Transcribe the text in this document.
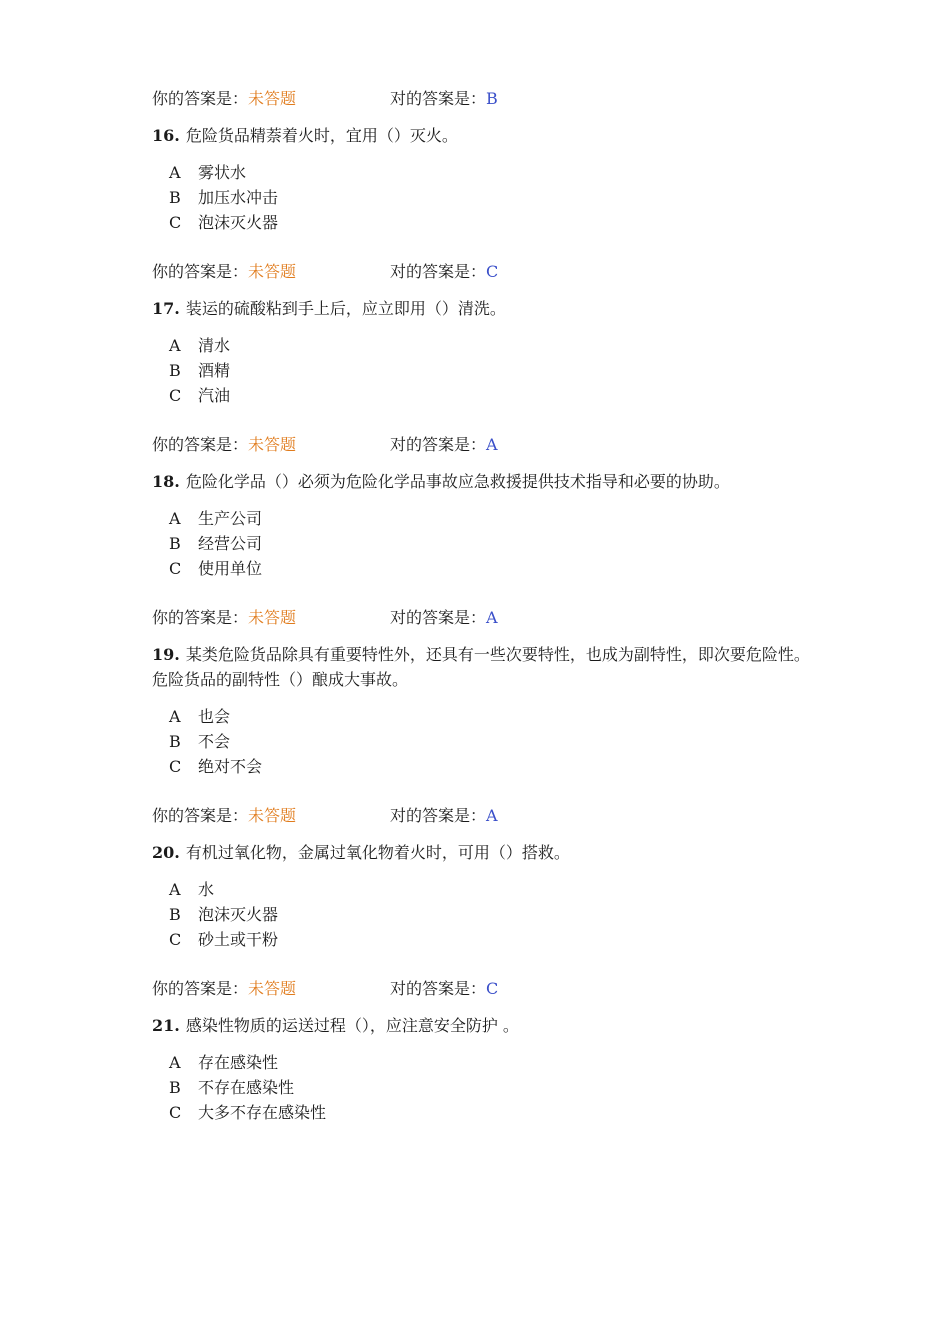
你的答案是：未答题	对的答案是：B
16. 危险货品精萘着火时，宜用（）灭火。
A 雾状水
B 加压水冲击
C 泡沫灭火器
你的答案是：未答题	对的答案是：C
17. 装运的硫酸粘到手上后，应立即用（）清洗。
A 清水
B 酒精
C 汽油
你的答案是：未答题	对的答案是：A
18. 危险化学品（）必须为危险化学品事故应急救援提供技术指导和必要的协助。
A 生产公司
B 经营公司
C 使用单位
你的答案是：未答题	对的答案是：A
19. 某类危险货品除具有重要特性外，还具有一些次要特性，也成为副特性，即次要危险性。危险货品的副特性（）酿成大事故。
A 也会
B 不会
C 绝对不会
你的答案是：未答题	对的答案是：A
20. 有机过氧化物，金属过氧化物着火时，可用（）搭救。
A 水
B 泡沫灭火器
C 砂土或干粉
你的答案是：未答题	对的答案是：C
21. 感染性物质的运送过程（），应注意安全防护 。
A 存在感染性
B 不存在感染性
C 大多不存在感染性
